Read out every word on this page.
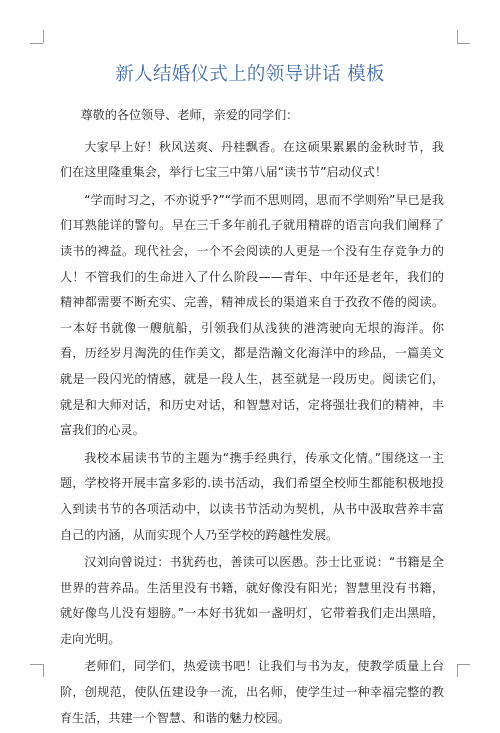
新人结婚仪式上的领导讲话 模板

尊敬的各位领导、老师，亲爱的同学们：

大家早上好！秋风送爽、丹桂飘香。在这硕果累累的金秋时节，我们在这里隆重集会，举行七宝三中第八届“读书节”启动仪式！

“学而时习之，不亦说乎?”“学而不思则罔，思而不学则殆”早已是我们耳熟能详的警句。早在三千多年前孔子就用精辟的语言向我们阐释了读书的裨益。现代社会，一个不会阅读的人更是一个没有生存竞争力的人！不管我们的生命进入了什么阶段——青年、中年还是老年，我们的精神都需要不断充实、完善，精神成长的渠道来自于孜孜不倦的阅读。一本好书就像一艘航船，引领我们从浅狭的港湾驶向无垠的海洋。你看，历经岁月淘洗的佳作美文，都是浩瀚文化海洋中的珍品，一篇美文就是一段闪光的情感，就是一段人生，甚至就是一段历史。阅读它们，就是和大师对话，和历史对话，和智慧对话，定将强壮我们的精神，丰富我们的心灵。

我校本届读书节的主题为“携手经典行，传承文化情。”围绕这一主题，学校将开展丰富多彩的.读书活动，我们希望全校师生都能积极地投入到读书节的各项活动中，以读书节活动为契机，从书中汲取营养丰富自己的内涵，从而实现个人乃至学校的跨越性发展。

汉刘向曾说过：书犹药也，善读可以医愚。莎士比亚说：“书籍是全世界的营养品。生活里没有书籍，就好像没有阳光；智慧里没有书籍，就好像鸟儿没有翅膀。”一本好书犹如一盏明灯，它带着我们走出黑暗，走向光明。

老师们，同学们，热爱读书吧！让我们与书为友，使教学质量上台阶，创规范，使队伍建设争一流，出名师，使学生过一种幸福完整的教育生活，共建一个智慧、和谐的魅力校园。
